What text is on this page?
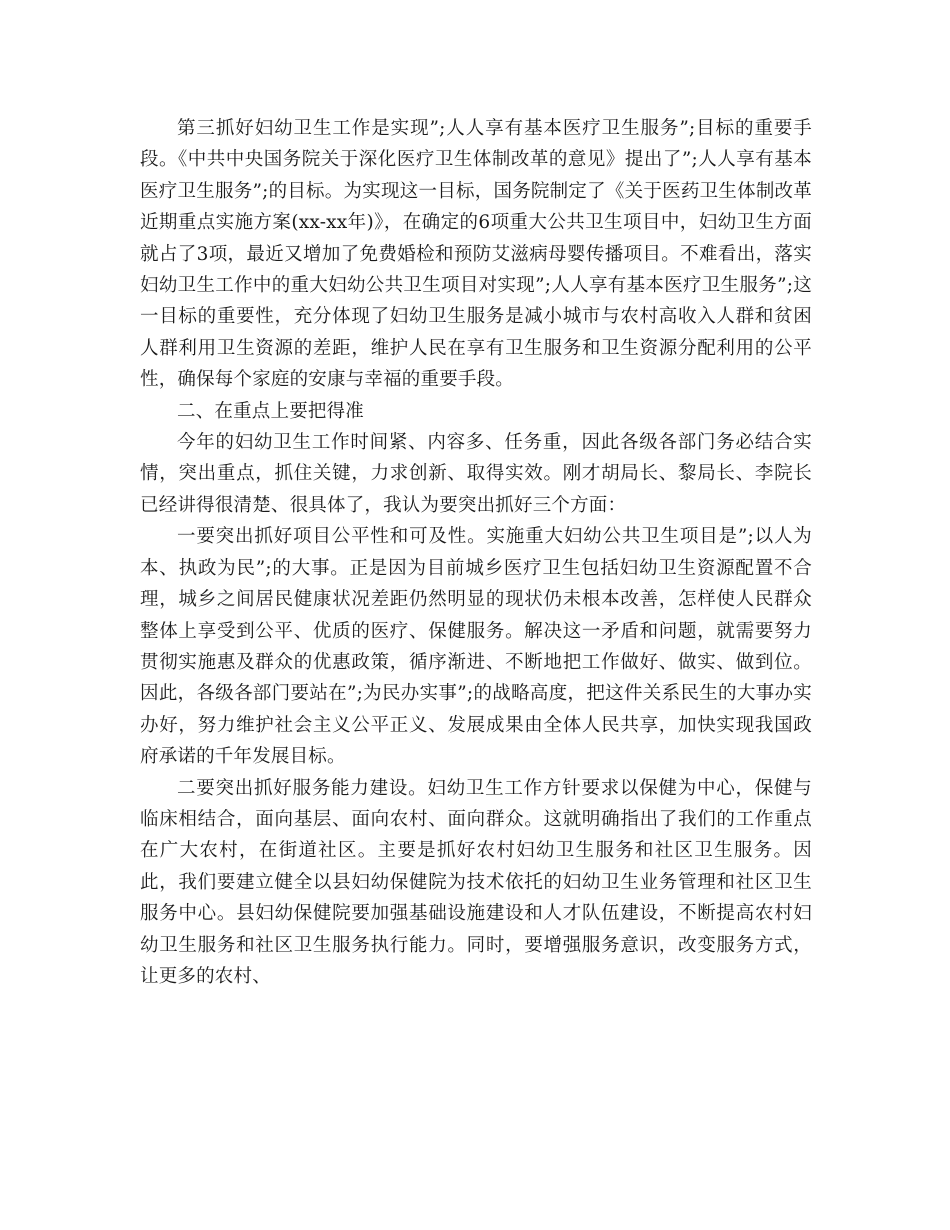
第三抓好妇幼卫生工作是实现”;人人享有基本医疗卫生服务”;目标的重要手段。《中共中央国务院关于深化医疗卫生体制改革的意见》提出了”;人人享有基本医疗卫生服务”;的目标。为实现这一目标，国务院制定了《关于医药卫生体制改革近期重点实施方案(xx-xx年)》，在确定的6项重大公共卫生项目中，妇幼卫生方面就占了3项，最近又增加了免费婚检和预防艾滋病母婴传播项目。不难看出，落实妇幼卫生工作中的重大妇幼公共卫生项目对实现”;人人享有基本医疗卫生服务”;这一目标的重要性，充分体现了妇幼卫生服务是减小城市与农村高收入人群和贫困人群利用卫生资源的差距，维护人民在享有卫生服务和卫生资源分配利用的公平性，确保每个家庭的安康与幸福的重要手段。

二、在重点上要把得准

今年的妇幼卫生工作时间紧、内容多、任务重，因此各级各部门务必结合实情，突出重点，抓住关键，力求创新、取得实效。刚才胡局长、黎局长、李院长已经讲得很清楚、很具体了，我认为要突出抓好三个方面：

一要突出抓好项目公平性和可及性。实施重大妇幼公共卫生项目是”;以人为本、执政为民”;的大事。正是因为目前城乡医疗卫生包括妇幼卫生资源配置不合理，城乡之间居民健康状况差距仍然明显的现状仍未根本改善，怎样使人民群众整体上享受到公平、优质的医疗、保健服务。解决这一矛盾和问题，就需要努力贯彻实施惠及群众的优惠政策，循序渐进、不断地把工作做好、做实、做到位。因此，各级各部门要站在”;为民办实事”;的战略高度，把这件关系民生的大事办实办好，努力维护社会主义公平正义、发展成果由全体人民共享，加快实现我国政府承诺的千年发展目标。

二要突出抓好服务能力建设。妇幼卫生工作方针要求以保健为中心，保健与临床相结合，面向基层、面向农村、面向群众。这就明确指出了我们的工作重点在广大农村，在街道社区。主要是抓好农村妇幼卫生服务和社区卫生服务。因此，我们要建立健全以县妇幼保健院为技术依托的妇幼卫生业务管理和社区卫生服务中心。县妇幼保健院要加强基础设施建设和人才队伍建设，不断提高农村妇幼卫生服务和社区卫生服务执行能力。同时，要增强服务意识，改变服务方式，让更多的农村、
